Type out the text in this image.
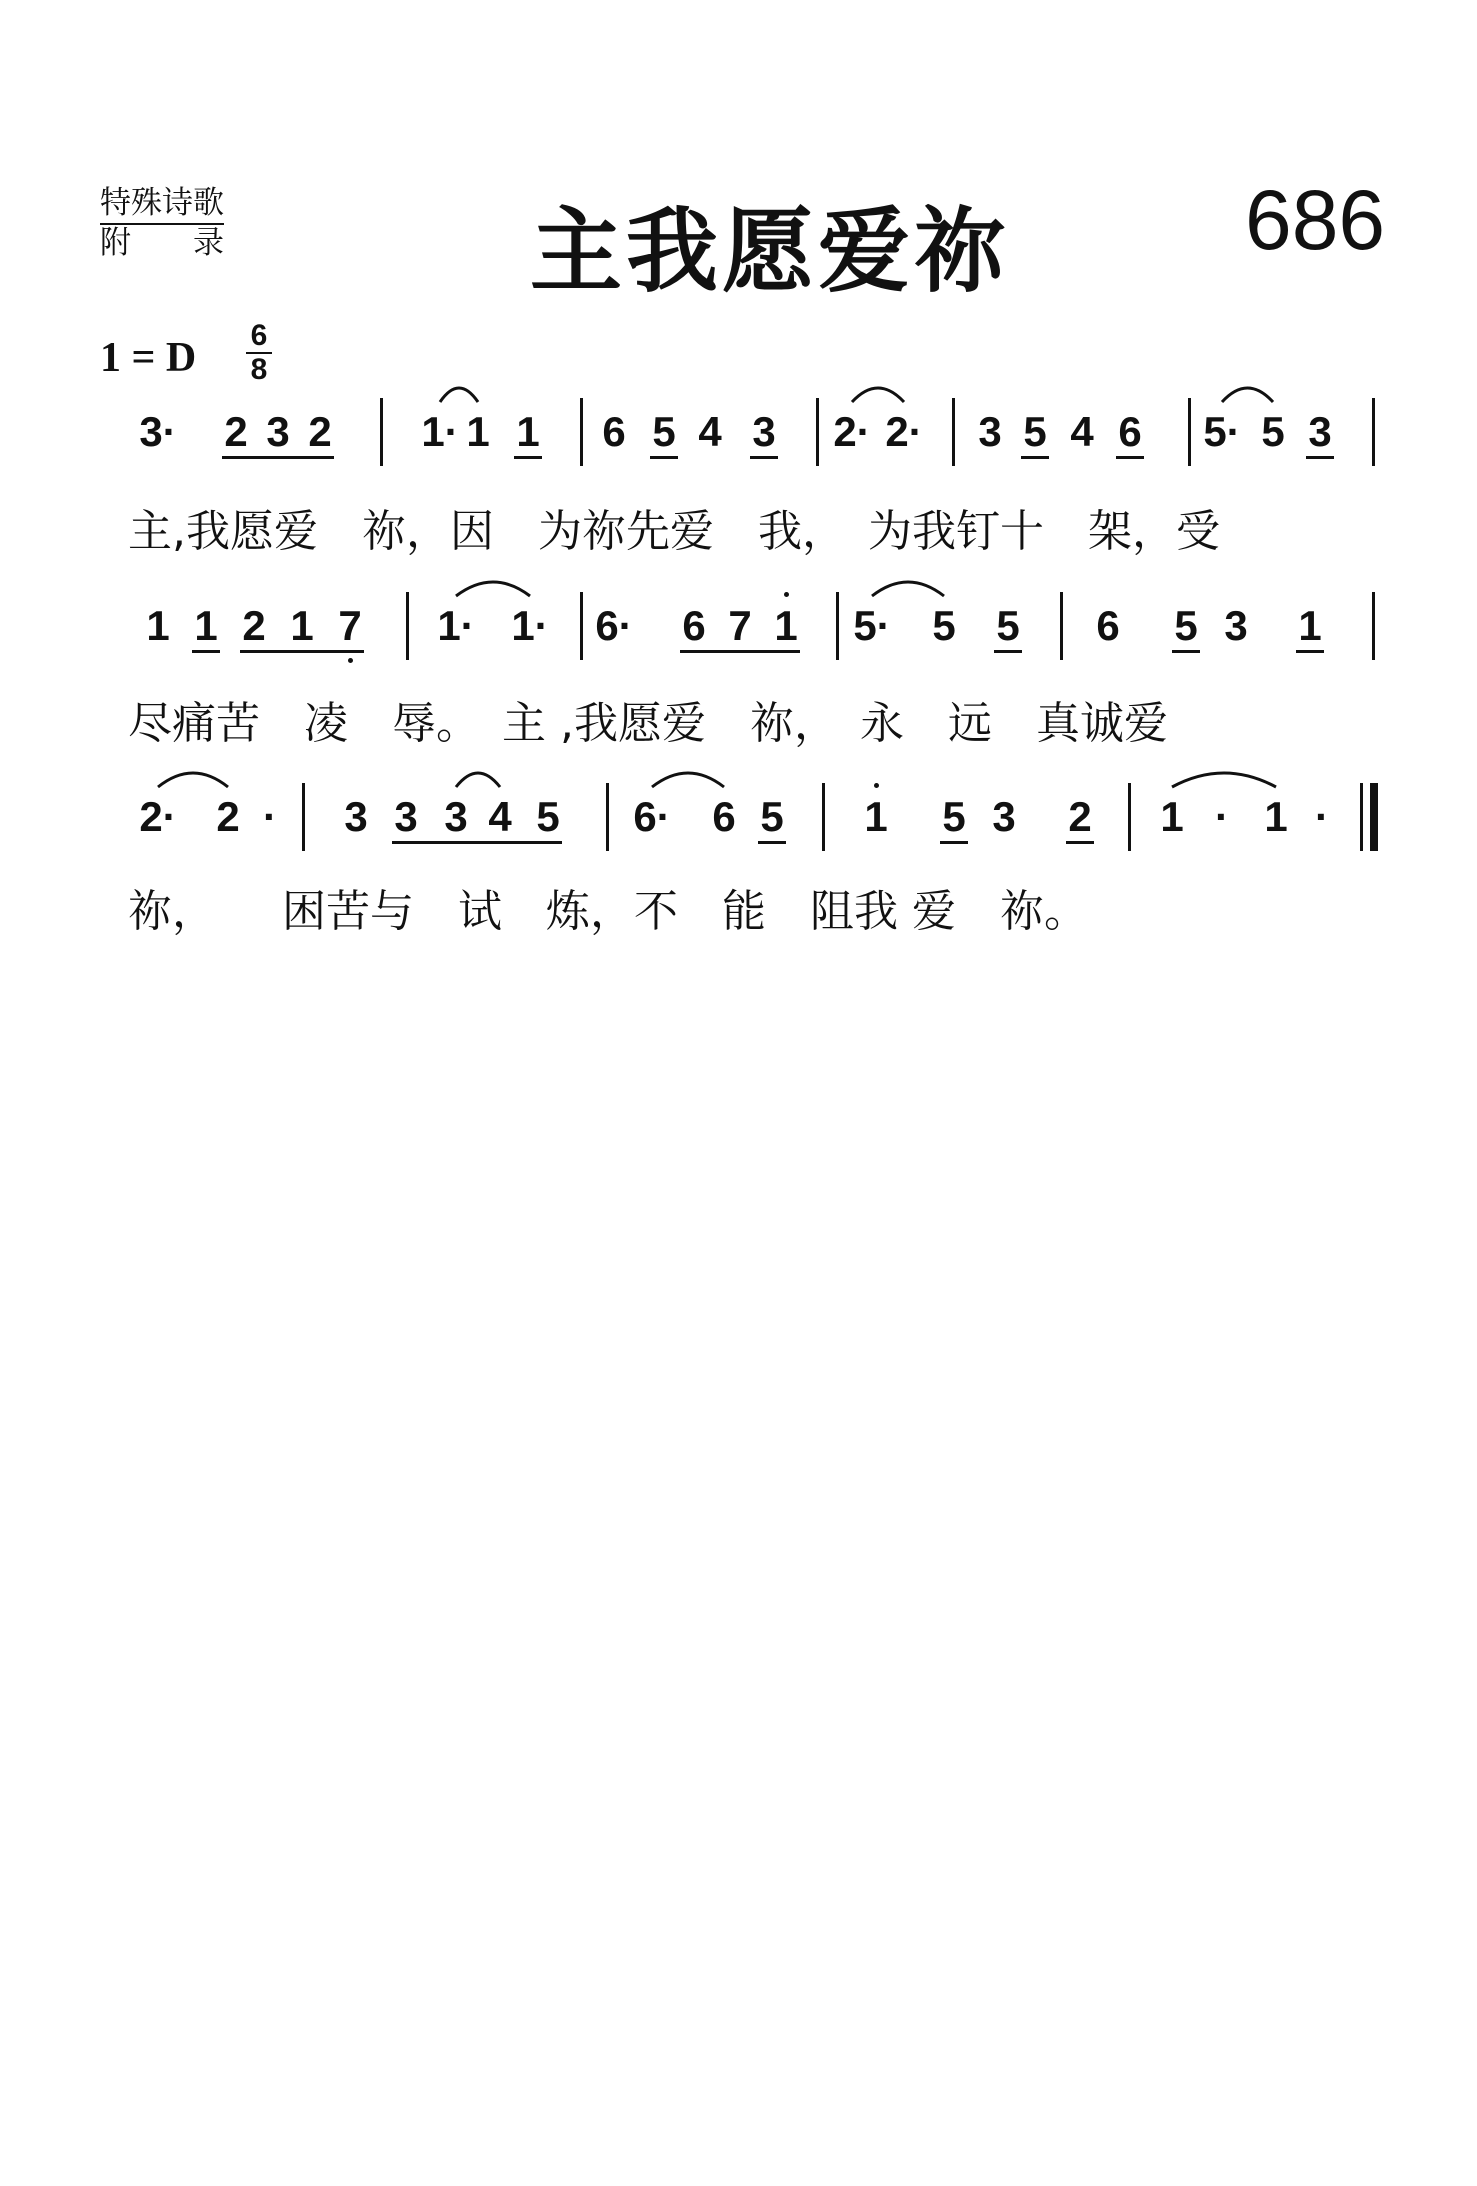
特殊诗歌
附　　录	主我愿爱祢	686
1 = D $\frac{6}{8}$
3· 2 3 2 1· 1 1 6 5 4 3 2· 2· 3 5 4 6 5· 5 3
1 1 2 1 7 1· 1· 6· 6 7 1 5· 5 5 6 5 3 1
2· 2 · 3 3 3 4 5 6· 6 5 1 5 3 2 1 · 1 ·
主,我愿爱　祢，因　为祢先爱　我，　为我钉十　架，受
尽痛苦　凌　辱。　主 ,我愿爱　祢，　永　远　真诚爱
祢，　　困苦与　试　炼，不　能　阻我 爱　祢。
